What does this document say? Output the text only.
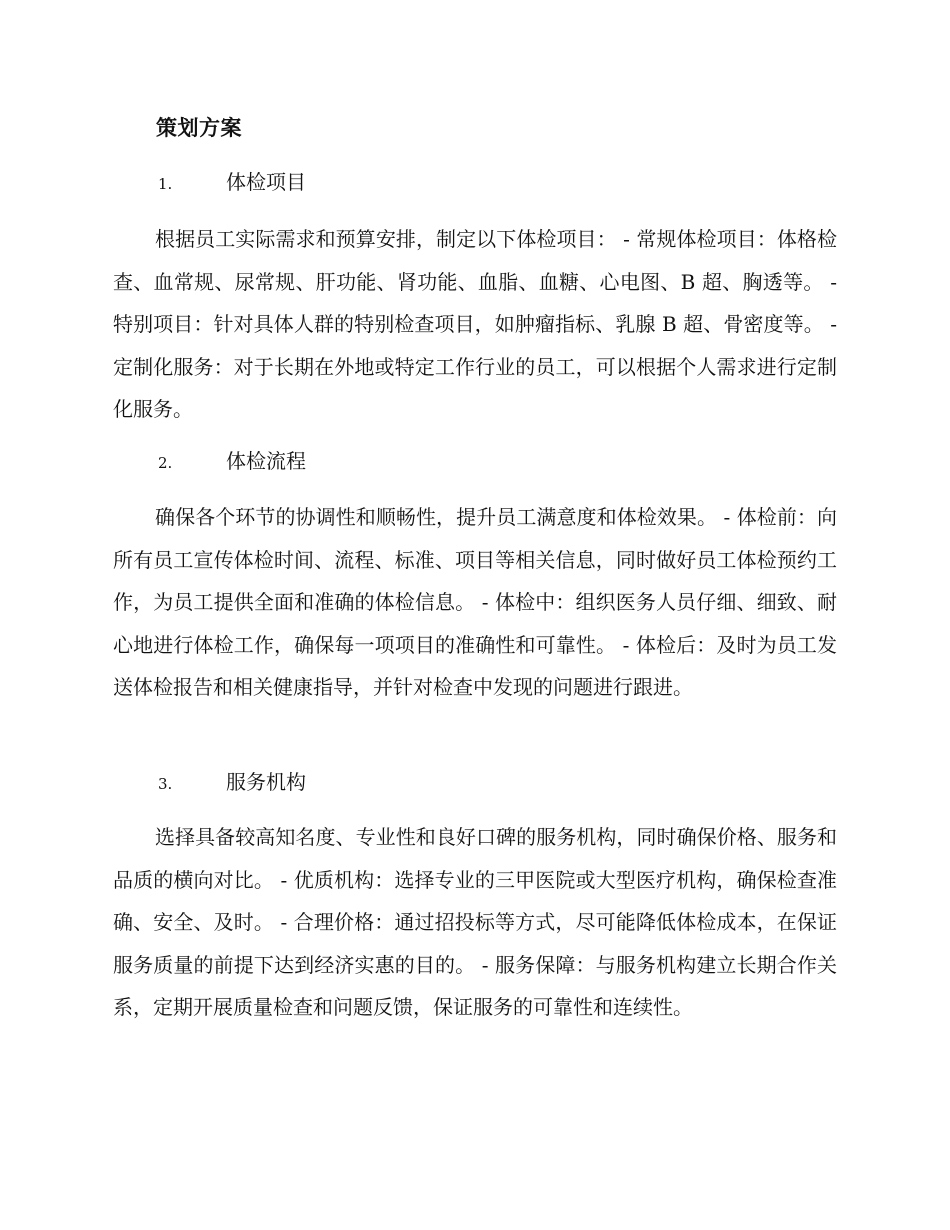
策划方案
1.	体检项目

根据员工实际需求和预算安排，制定以下体检项目： - 常规体检项目：体格检查、血常规、尿常规、肝功能、肾功能、血脂、血糖、心电图、B 超、胸透等。 - 特别项目：针对具体人群的特别检查项目，如肿瘤指标、乳腺 B 超、骨密度等。 - 定制化服务：对于长期在外地或特定工作行业的员工，可以根据个人需求进行定制化服务。

2.	体检流程

确保各个环节的协调性和顺畅性，提升员工满意度和体检效果。 - 体检前：向所有员工宣传体检时间、流程、标准、项目等相关信息，同时做好员工体检预约工作，为员工提供全面和准确的体检信息。 - 体检中：组织医务人员仔细、细致、耐心地进行体检工作，确保每一项项目的准确性和可靠性。 - 体检后：及时为员工发送体检报告和相关健康指导，并针对检查中发现的问题进行跟进。

3.	服务机构

选择具备较高知名度、专业性和良好口碑的服务机构，同时确保价格、服务和品质的横向对比。 - 优质机构：选择专业的三甲医院或大型医疗机构，确保检查准确、安全、及时。 - 合理价格：通过招投标等方式，尽可能降低体检成本，在保证服务质量的前提下达到经济实惠的目的。 - 服务保障：与服务机构建立长期合作关系，定期开展质量检查和问题反馈，保证服务的可靠性和连续性。
